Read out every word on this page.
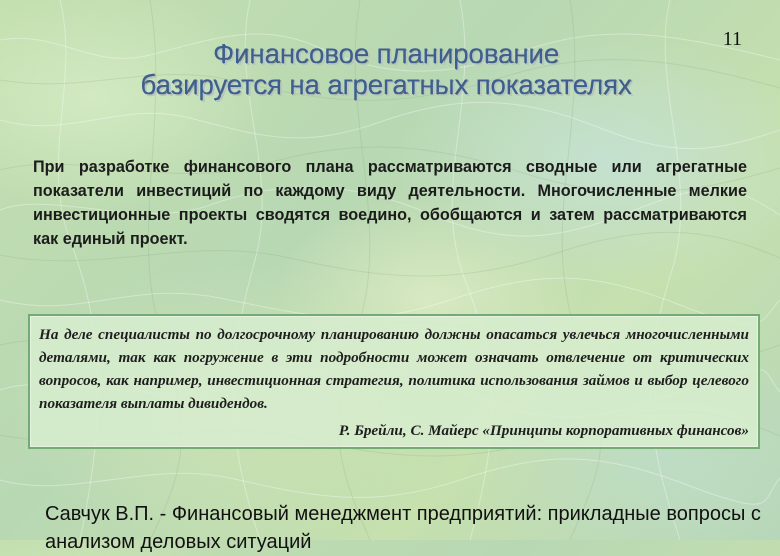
11
Финансовое планирование
базируется на агрегатных показателях

При разработке финансового плана рассматриваются сводные или агрегатные показатели инвестиций по каждому виду деятельности. Многочисленные мелкие инвестиционные проекты сводятся воедино, обобщаются и затем рассматриваются как единый проект.

На деле специалисты по долгосрочному планированию должны опасаться увлечься многочисленными деталями, так как погружение в эти подробности может означать отвлечение от критических вопросов, как например, инвестиционная стратегия, политика использования займов и выбор целевого показателя выплаты дивидендов.

Р. Брейли, С. Майерс «Принципы корпоративных финансов»

Савчук В.П. - Финансовый менеджмент предприятий: прикладные вопросы с анализом деловых ситуаций
